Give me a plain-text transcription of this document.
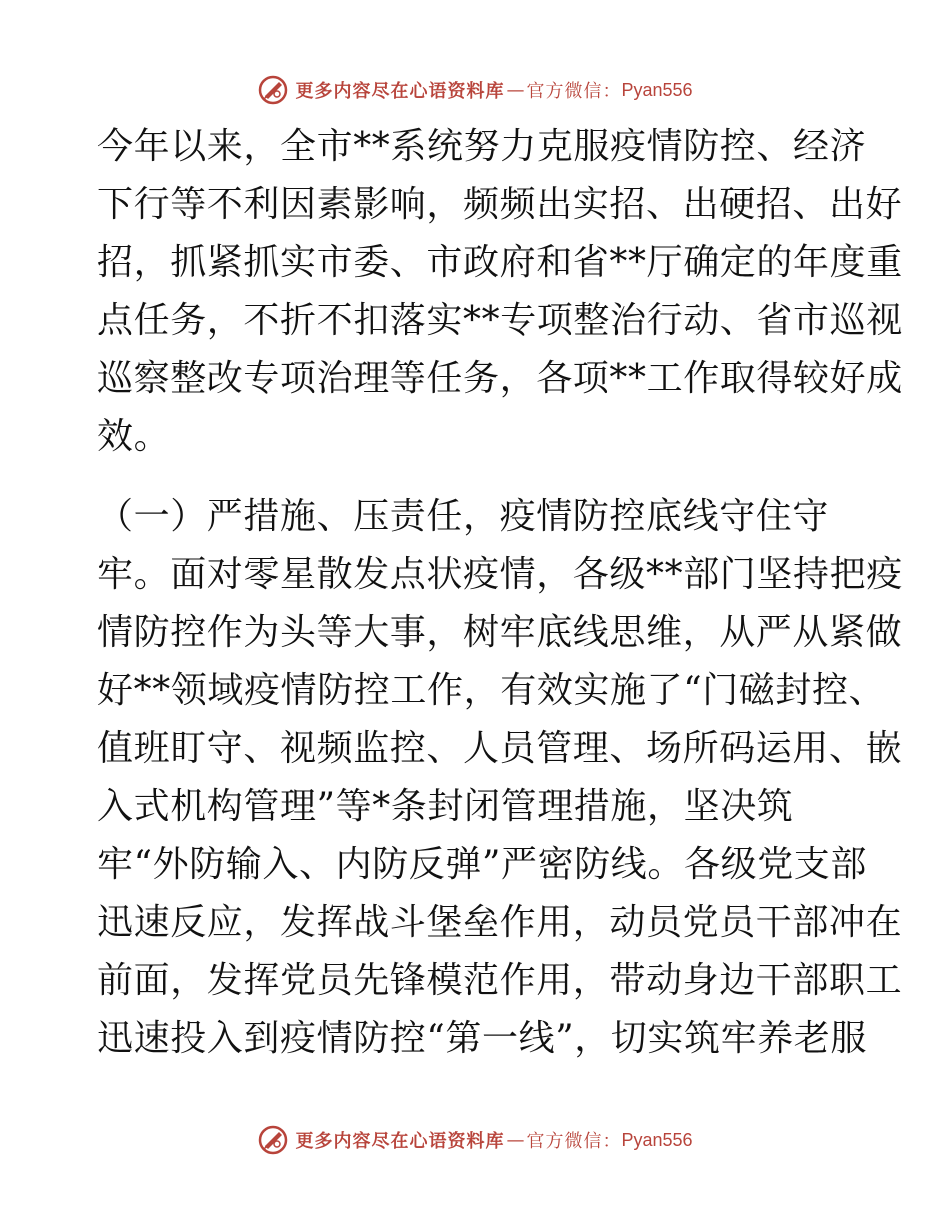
更多内容尽在心语资料库 — 官方微信： Pyan556
今年以来，全市**系统努力克服疫情防控、经济
下行等不利因素影响，频频出实招、出硬招、出好
招，抓紧抓实市委、市政府和省**厅确定的年度重
点任务，不折不扣落实**专项整治行动、省市巡视
巡察整改专项治理等任务，各项**工作取得较好成
效。
（一）严措施、压责任，疫情防控底线守住守
牢。面对零星散发点状疫情，各级**部门坚持把疫
情防控作为头等大事，树牢底线思维，从严从紧做
好**领域疫情防控工作，有效实施了“门磁封控、
值班盯守、视频监控、人员管理、场所码运用、嵌
入式机构管理”等*条封闭管理措施，坚决筑
牢“外防输入、内防反弹”严密防线。各级党支部
迅速反应，发挥战斗堡垒作用，动员党员干部冲在
前面，发挥党员先锋模范作用，带动身边干部职工
迅速投入到疫情防控“第一线”，切实筑牢养老服
更多内容尽在心语资料库 — 官方微信： Pyan556
